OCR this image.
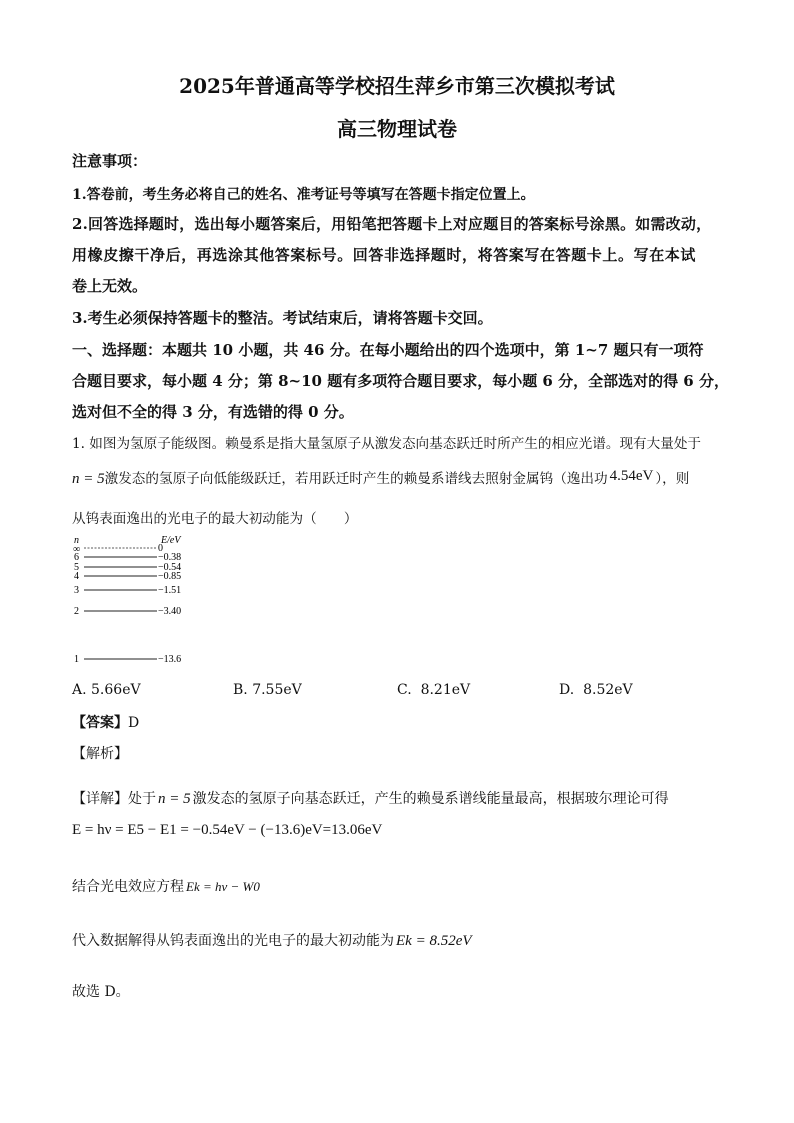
2025年普通高等学校招生萍乡市第三次模拟考试
高三物理试卷
注意事项：
1.答卷前，考生务必将自己的姓名、准考证号等填写在答题卡指定位置上。
2.回答选择题时，选出每小题答案后，用铅笔把答题卡上对应题目的答案标号涂黑。如需改动，
用橡皮擦干净后，再选涂其他答案标号。回答非选择题时，将答案写在答题卡上。写在本试
卷上无效。
3.考生必须保持答题卡的整洁。考试结束后，请将答题卡交回。
一、选择题：本题共 10 小题，共 46 分。在每小题给出的四个选项中，第 1~7 题只有一项符
合题目要求，每小题 4 分；第 8~10 题有多项符合题目要求，每小题 6 分，全部选对的得 6 分，
选对但不全的得 3 分，有选错的得 0 分。
1. 如图为氢原子能级图。赖曼系是指大量氢原子从激发态向基态跃迁时所产生的相应光谱。现有大量处于
n = 5激发态的氢原子向低能级跃迁，若用跃迁时产生的赖曼系谱线去照射金属钨（逸出功 4.54eV ），则
从钨表面逸出的光电子的最大初动能为（　　）
n	E/eV
∞	0
6	−0.38
5	−0.54
4	−0.85
3	−1.51
2	−3.40
1	−13.6
A. 5.66eV	B. 7.55eV	C. 8.21eV	D. 8.52eV
【答案】D
【解析】
【详解】处于 n = 5 激发态的氢原子向基态跃迁，产生的赖曼系谱线能量最高，根据玻尔理论可得
E = hν = E5 − E1 = −0.54eV − (−13.6)eV=13.06eV
结合光电效应方程 Ek = hν − W0
代入数据解得从钨表面逸出的光电子的最大初动能为 Ek = 8.52eV
故选 D。
